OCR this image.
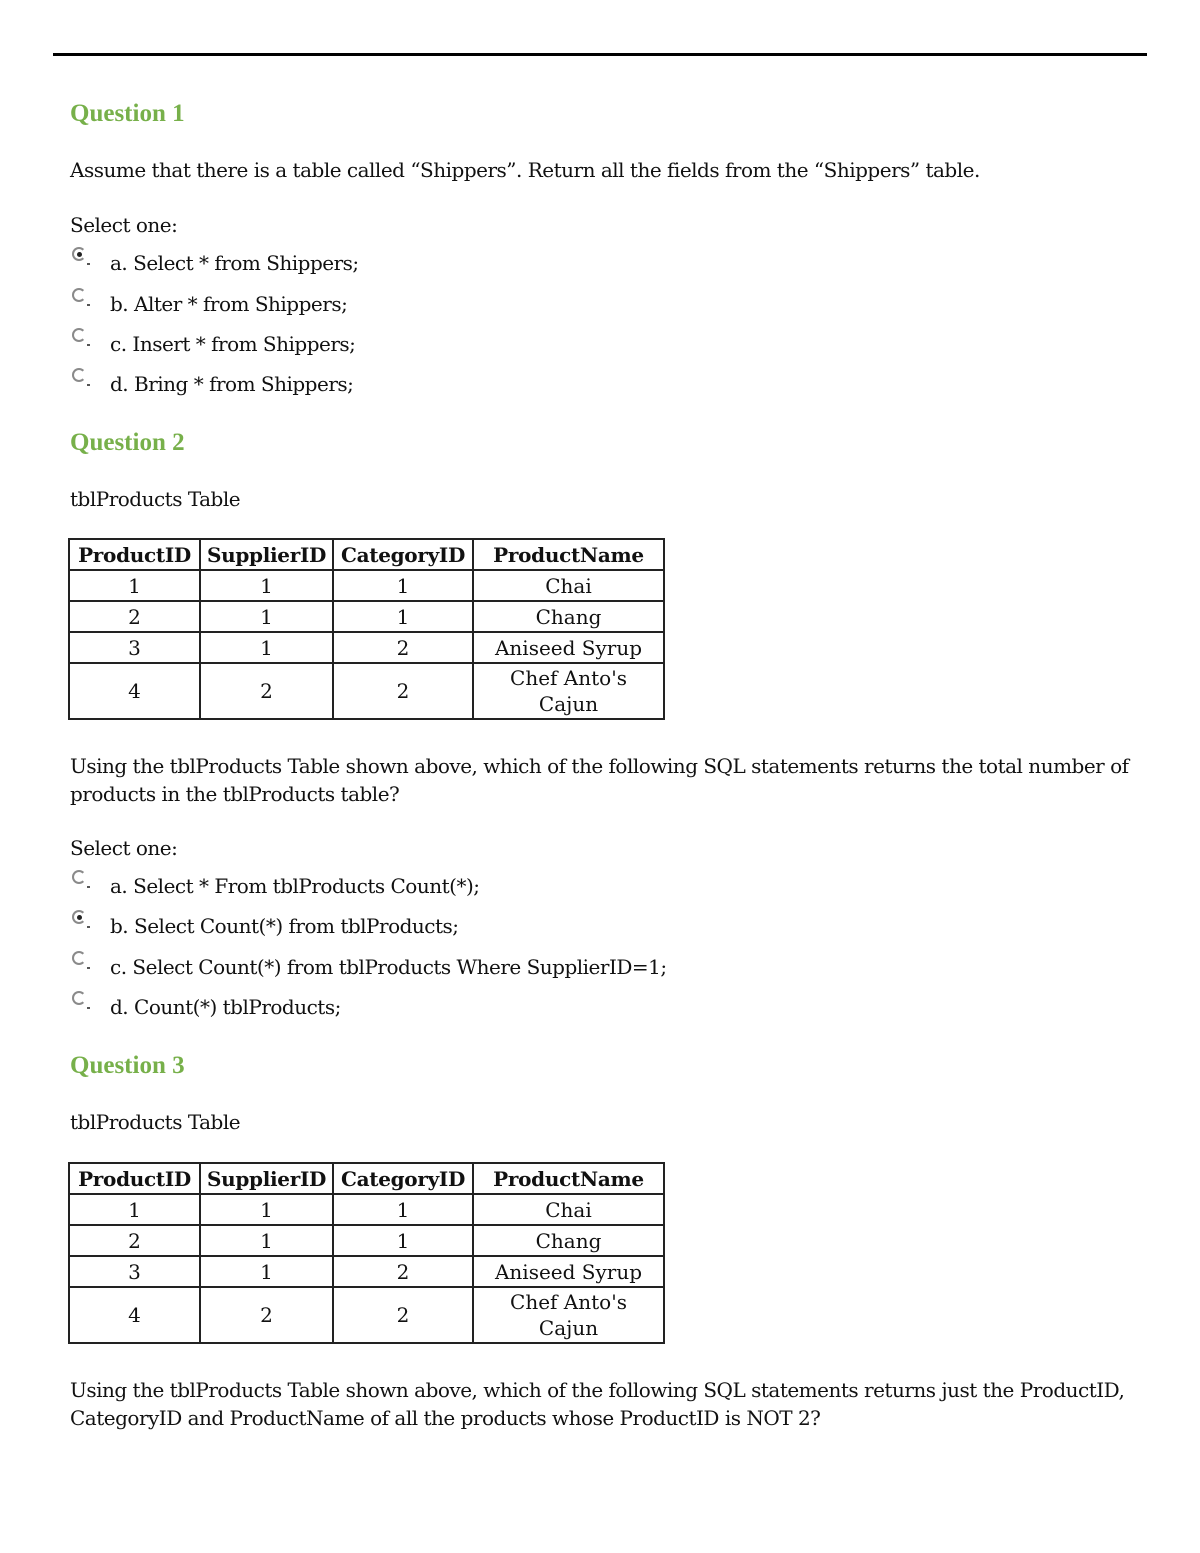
Question 1
Assume that there is a table called “Shippers”. Return all the fields from the “Shippers” table.
Select one:
a. Select * from Shippers;
b. Alter * from Shippers;
c. Insert * from Shippers;
d. Bring * from Shippers;
Question 2
tblProducts Table
ProductID	SupplierID	CategoryID	ProductName
1	1	1	Chai
2	1	1	Chang
3	1	2	Aniseed Syrup
4	2	2	Chef Anto's Cajun
Using the tblProducts Table shown above, which of the following SQL statements returns the total number of products in the tblProducts table?
Select one:
a. Select * From tblProducts Count(*);
b. Select Count(*) from tblProducts;
c. Select Count(*) from tblProducts Where SupplierID=1;
d. Count(*) tblProducts;
Question 3
tblProducts Table
ProductID	SupplierID	CategoryID	ProductName
1	1	1	Chai
2	1	1	Chang
3	1	2	Aniseed Syrup
4	2	2	Chef Anto's Cajun
Using the tblProducts Table shown above, which of the following SQL statements returns just the ProductID, CategoryID and ProductName of all the products whose ProductID is NOT 2?
